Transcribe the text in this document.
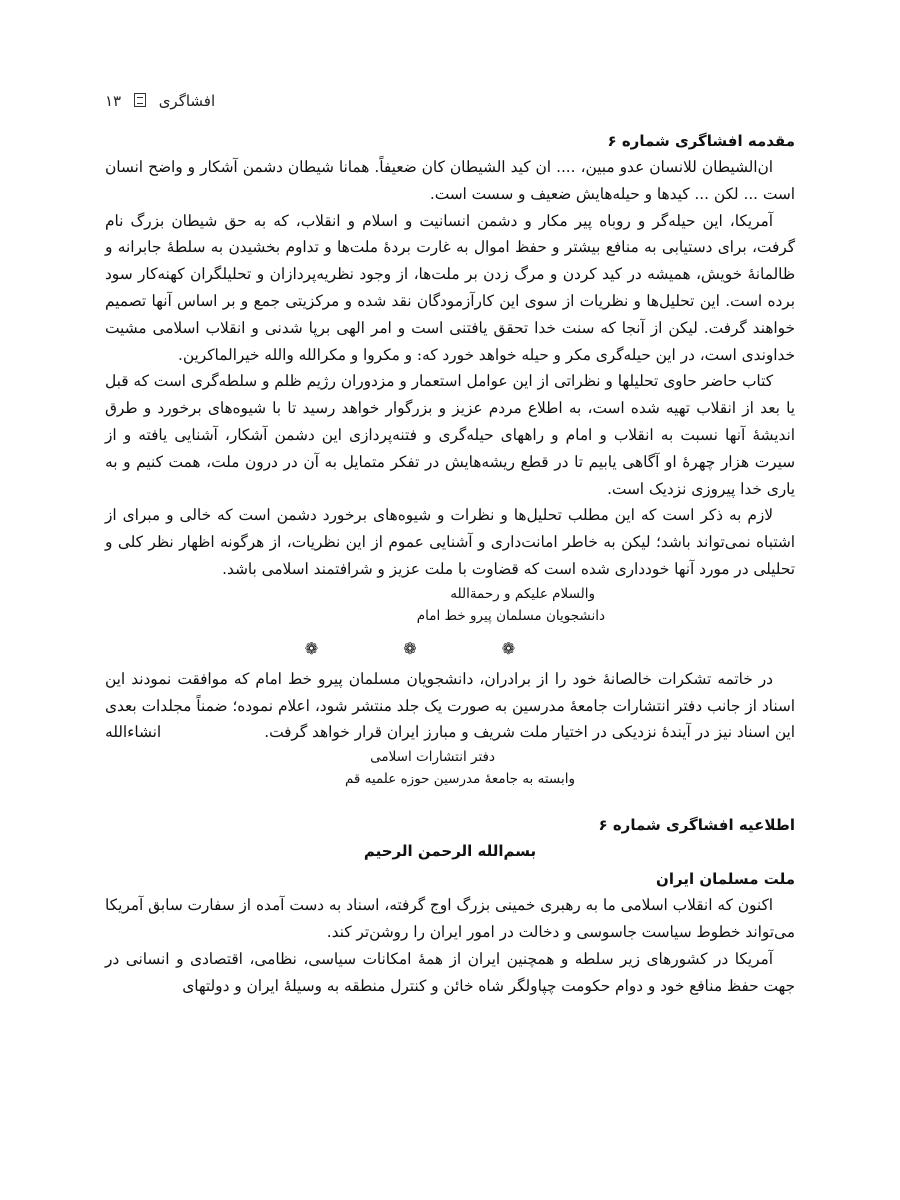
۱۳	افشاگری
مقدمه افشاگری شماره ۶

ان‌الشیطان للانسان عدو مبین، .... ان کید الشیطان کان ضعیفاً. همانا شیطان دشمن آشکار و واضح انسان است ... لکن ... کیدها و حیله‌هایش ضعیف و سست است.

آمریکا، این حیله‌گر و روباه پیر مکار و دشمن انسانیت و اسلام و انقلاب، که به حق شیطان بزرگ نام گرفت، برای دستیابی به منافع بیشتر و حفظ اموال به غارت بردهٔ ملت‌ها و تداوم بخشیدن به سلطهٔ جابرانه و ظالمانهٔ خویش، همیشه در کید کردن و مرگ زدن بر ملت‌ها، از وجود نظریه‌پردازان و تحلیلگران کهنه‌کار سود برده است. این تحلیل‌ها و نظریات از سوی این کارآزمودگان نقد شده و مرکزیتی جمع و بر اساس آنها تصمیم خواهند گرفت. لیکن از آنجا که سنت خدا تحقق یافتنی است و امر الهی برپا شدنی و انقلاب اسلامی مشیت خداوندی است، در این حیله‌گری مکر و حیله خواهد خورد که: و مکروا و مکرالله والله خیرالماکرین.

کتاب حاضر حاوی تحلیلها و نظراتی از این عوامل استعمار و مزدوران رژیم ظلم و سلطه‌گری است که قبل یا بعد از انقلاب تهیه شده است، به اطلاع مردم عزیز و بزرگوار خواهد رسید تا با شیوه‌های برخورد و طرق اندیشهٔ آنها نسبت به انقلاب و امام و راههای حیله‌گری و فتنه‌پردازی این دشمن آشکار، آشنایی یافته و از سیرت هزار چهرهٔ او آگاهی یابیم تا در قطع ریشه‌هایش در تفکر متمایل به آن در درون ملت، همت کنیم و به یاری خدا پیروزی نزدیک است.

لازم به ذکر است که این مطلب تحلیل‌ها و نظرات و شیوه‌های برخورد دشمن است که خالی و مبرای از اشتباه نمی‌تواند باشد؛ لیکن به خاطر امانت‌داری و آشنایی عموم از این نظریات، از هرگونه اظهار نظر کلی و تحلیلی در مورد آنها خودداری شده است که قضاوت با ملت عزیز و شرافتمند اسلامی باشد.

والسلام علیکم و رحمةالله

دانشجویان مسلمان پیرو خط امام

❁ ❁ ❁

در خاتمه تشکرات خالصانهٔ خود را از برادران، دانشجویان مسلمان پیرو خط امام که موافقت نمودند این اسناد از جانب دفتر انتشارات جامعهٔ مدرسین به صورت یک جلد منتشر شود، اعلام نموده؛ ضمناً مجلدات بعدی این اسناد نیز در آیندهٔ نزدیکی در اختیار ملت شریف و مبارز ایران قرار خواهد گرفت.
انشاءالله

دفتر انتشارات اسلامی

وابسته به جامعهٔ مدرسین حوزه علمیه قم

اطلاعیه افشاگری شماره ۶
بسم‌الله الرحمن الرحیم
ملت مسلمان ایران

اکنون که انقلاب اسلامی ما به رهبری خمینی بزرگ اوج گرفته، اسناد به دست آمده از سفارت سابق آمریکا می‌تواند خطوط سیاست جاسوسی و دخالت در امور ایران را روشن‌تر کند.

آمریکا در کشورهای زیر سلطه و همچنین ایران از همهٔ امکانات سیاسی، نظامی، اقتصادی و انسانی در جهت حفظ منافع خود و دوام حکومت چپاولگر شاه خائن و کنترل منطقه به وسیلهٔ ایران و دولتهای
